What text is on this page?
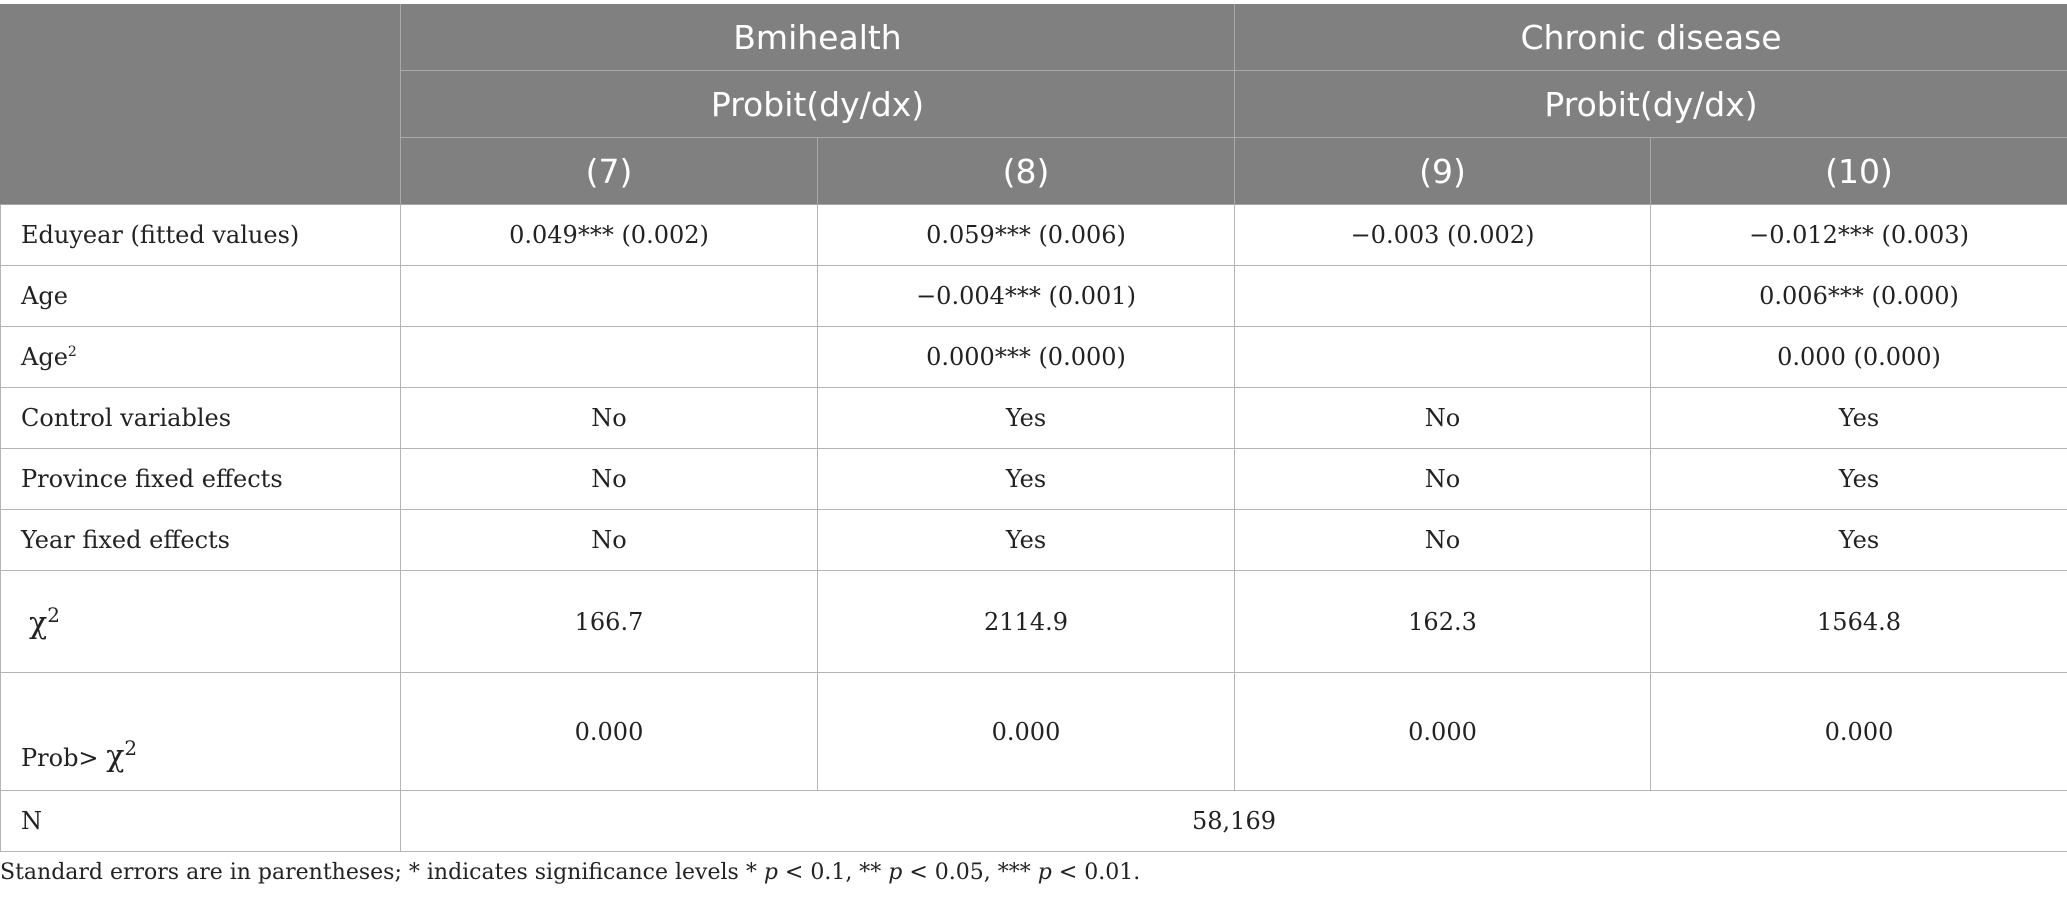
	Bmihealth		Chronic disease	
	Probit(dy/dx)		Probit(dy/dx)	
	(7)	(8)	(9)	(10)
Eduyear (fitted values)	0.049*** (0.002)	0.059*** (0.006)	−0.003 (0.002)	−0.012*** (0.003)
Age		−0.004*** (0.001)		0.006*** (0.000)
Age$^2$		0.000*** (0.000)		0.000 (0.000)
Control variables	No	Yes	No	Yes
Province fixed effects	No	Yes	No	Yes
Year fixed effects	No	Yes	No	Yes
$\chi^2$	166.7	2114.9	162.3	1564.8
Prob> $\chi^2$	0.000	0.000	0.000	0.000
N	58,169			
Standard errors are in parentheses; * indicates significance levels * p < 0.1, ** p < 0.05, *** p < 0.01.
